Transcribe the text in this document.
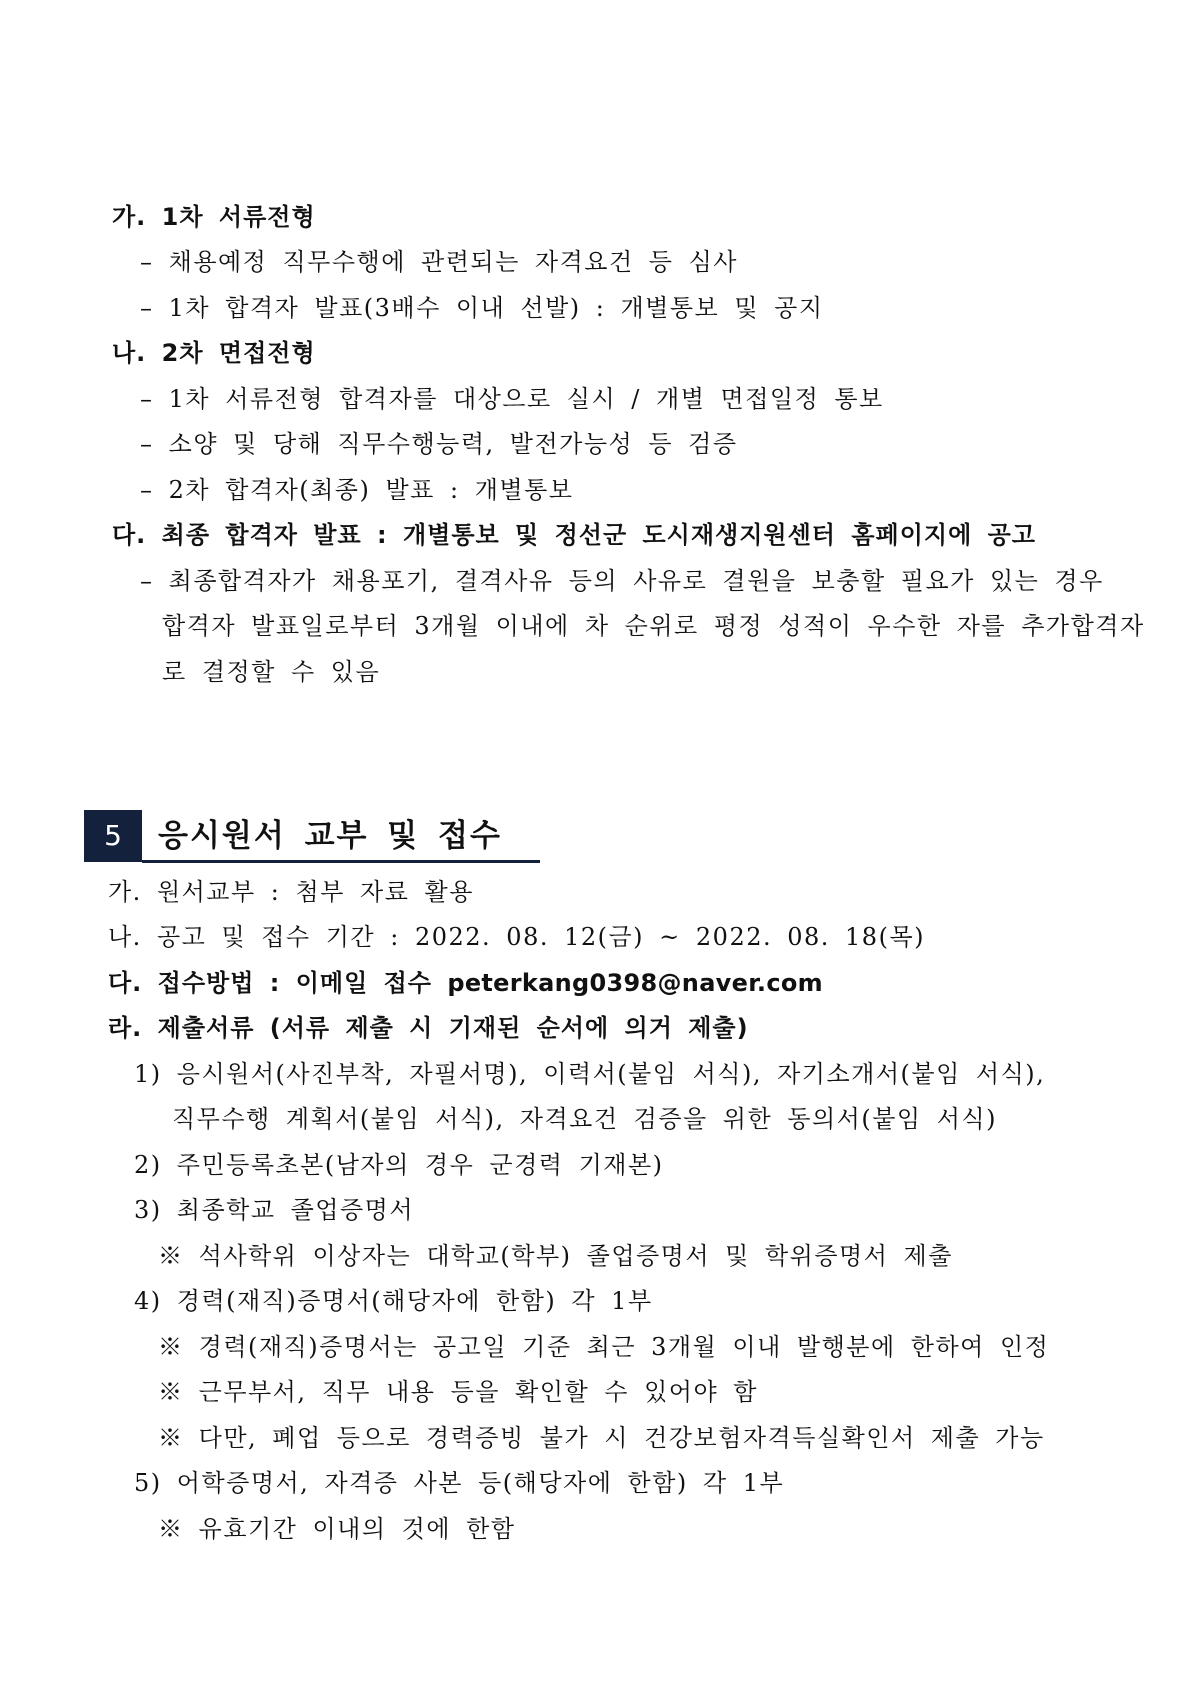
가. 1차 서류전형
– 채용예정 직무수행에 관련되는 자격요건 등 심사
– 1차 합격자 발표(3배수 이내 선발) : 개별통보 및 공지
나. 2차 면접전형
– 1차 서류전형 합격자를 대상으로 실시 / 개별 면접일정 통보
– 소양 및 당해 직무수행능력, 발전가능성 등 검증
– 2차 합격자(최종) 발표 : 개별통보
다. 최종 합격자 발표 : 개별통보 및 정선군 도시재생지원센터 홈페이지에 공고
– 최종합격자가 채용포기, 결격사유 등의 사유로 결원을 보충할 필요가 있는 경우
합격자 발표일로부터 3개월 이내에 차 순위로 평정 성적이 우수한 자를 추가합격자
로 결정할 수 있음
5	응시원서 교부 및 접수
가. 원서교부 : 첨부 자료 활용
나. 공고 및 접수 기간 : 2022. 08. 12(금) ~ 2022. 08. 18(목)
다. 접수방법 : 이메일 접수 peterkang0398@naver.com
라. 제출서류 (서류 제출 시 기재된 순서에 의거 제출)
1) 응시원서(사진부착, 자필서명), 이력서(붙임 서식), 자기소개서(붙임 서식),
직무수행 계획서(붙임 서식), 자격요건 검증을 위한 동의서(붙임 서식)
2) 주민등록초본(남자의 경우 군경력 기재본)
3) 최종학교 졸업증명서
※ 석사학위 이상자는 대학교(학부) 졸업증명서 및 학위증명서 제출
4) 경력(재직)증명서(해당자에 한함) 각 1부
※ 경력(재직)증명서는 공고일 기준 최근 3개월 이내 발행분에 한하여 인정
※ 근무부서, 직무 내용 등을 확인할 수 있어야 함
※ 다만, 폐업 등으로 경력증빙 불가 시 건강보험자격득실확인서 제출 가능
5) 어학증명서, 자격증 사본 등(해당자에 한함) 각 1부
※ 유효기간 이내의 것에 한함
